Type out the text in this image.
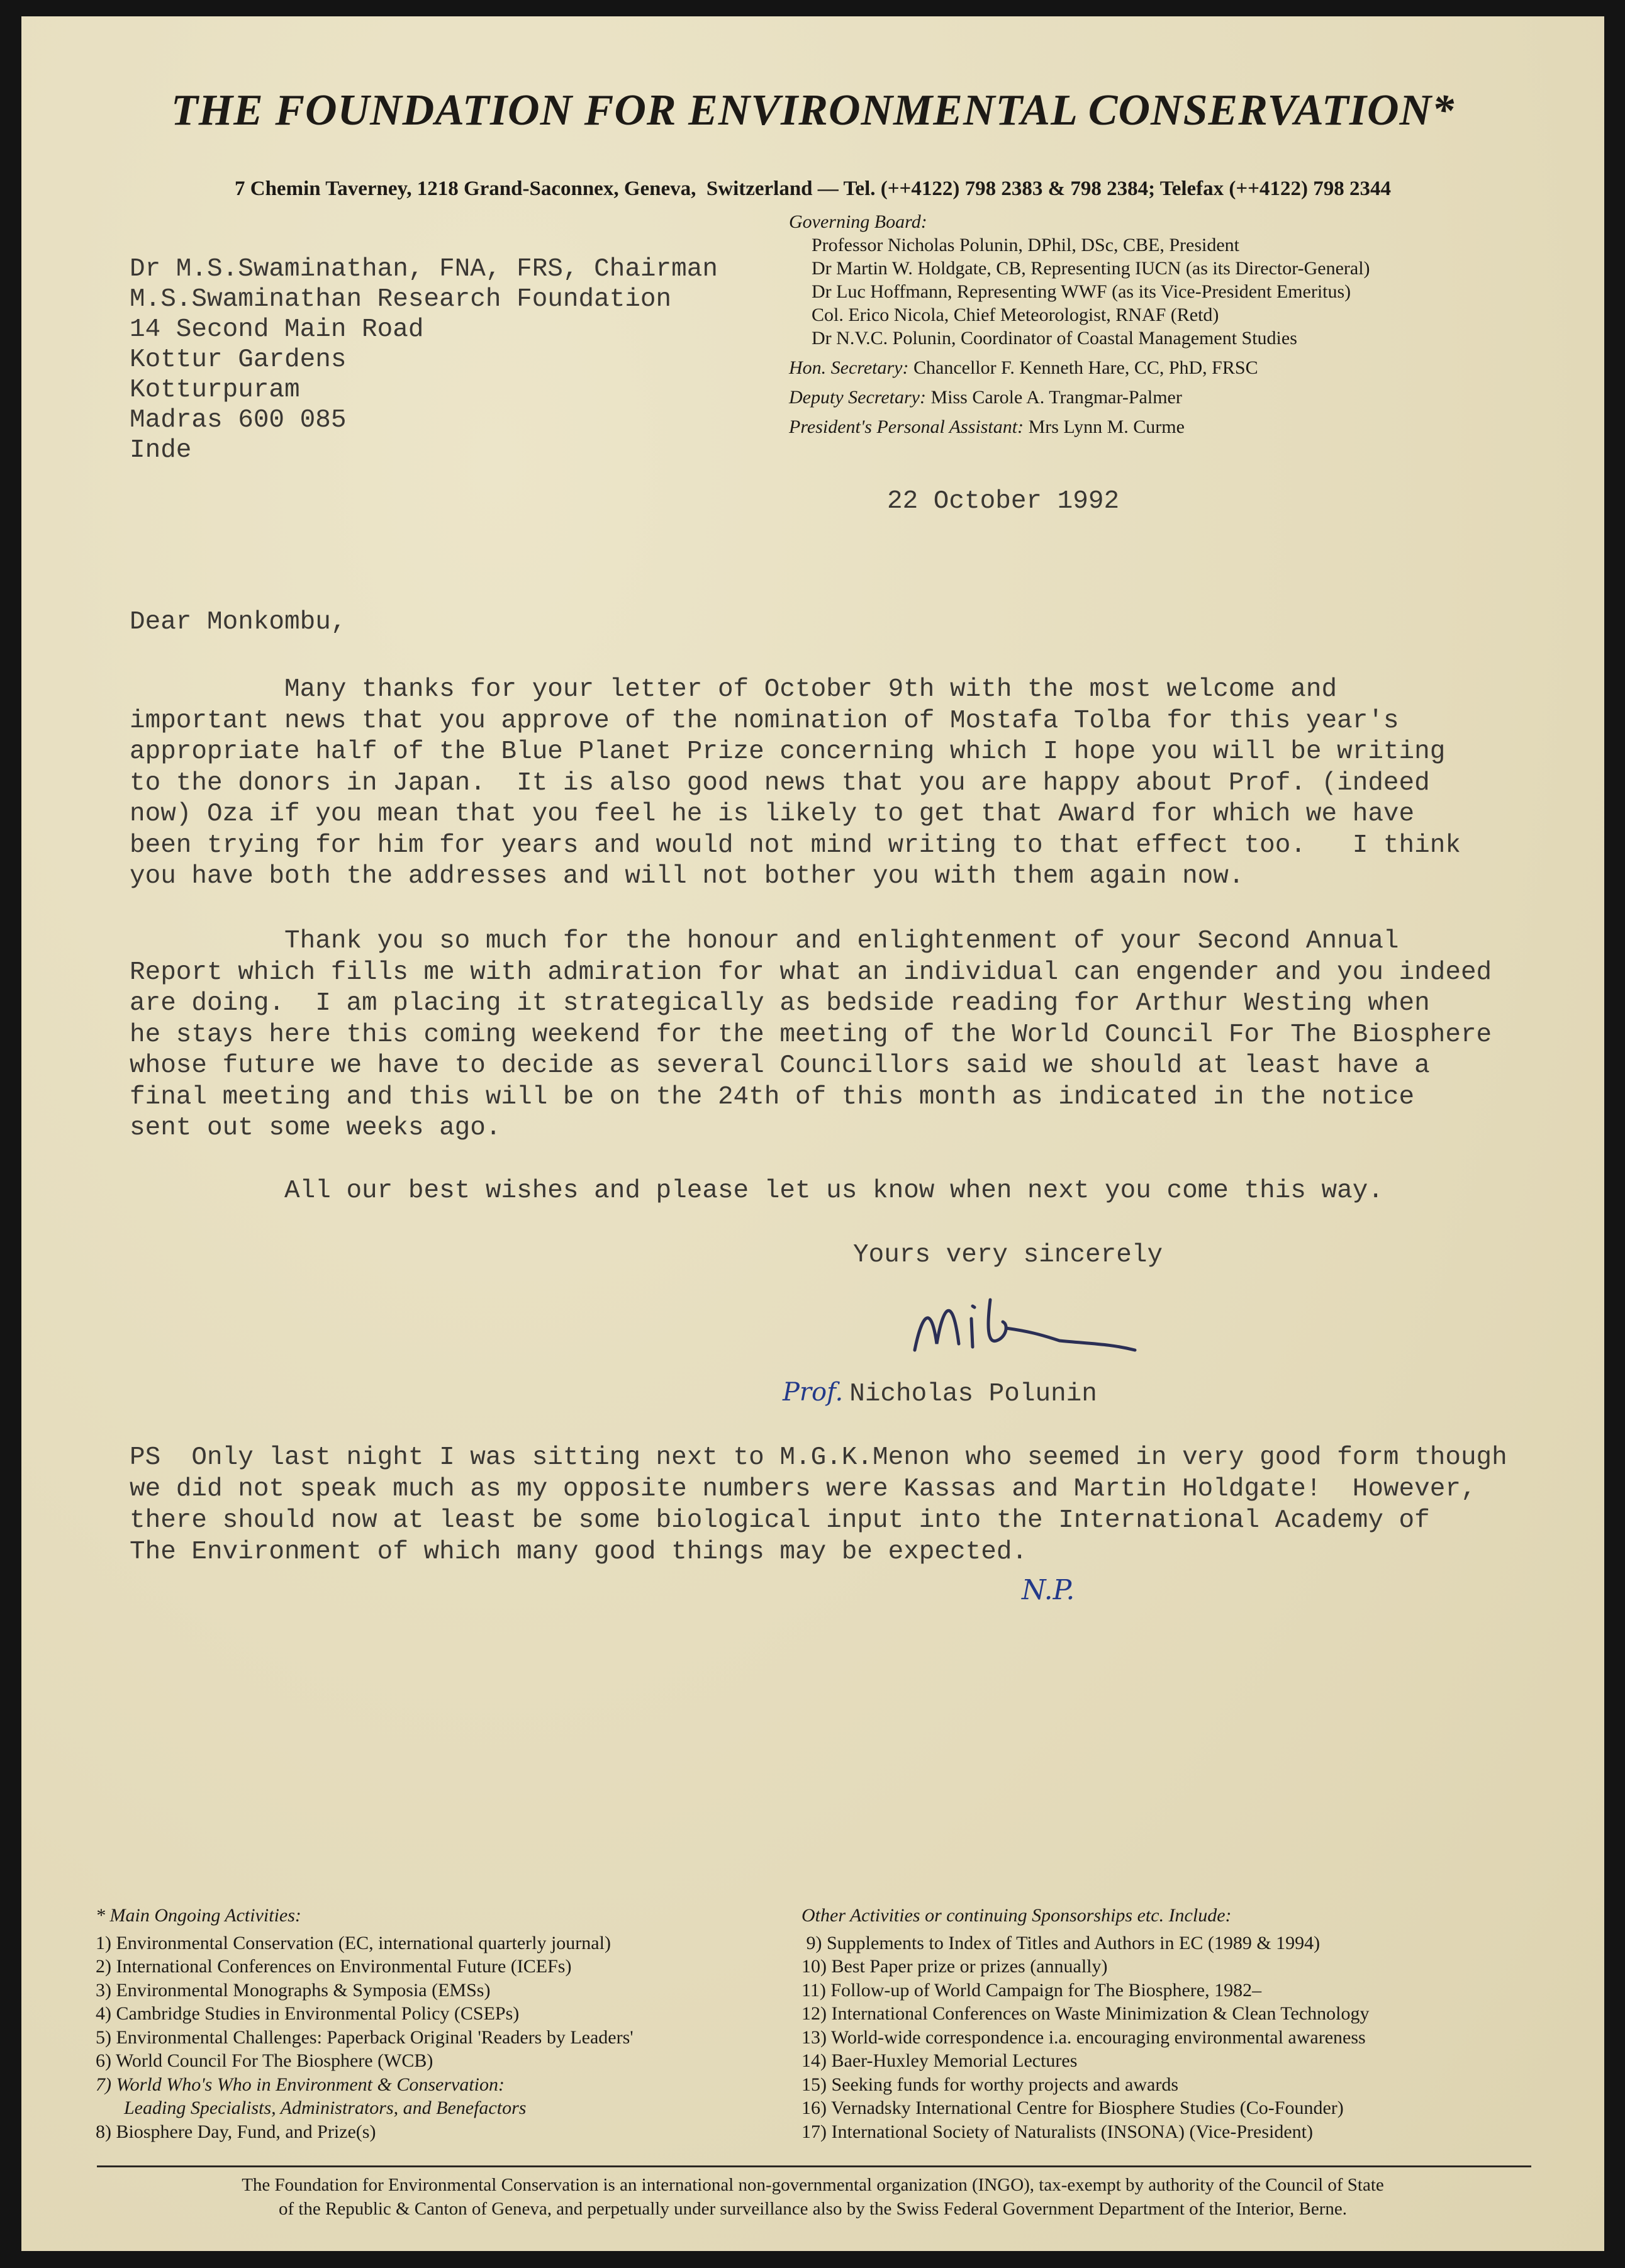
THE FOUNDATION FOR ENVIRONMENTAL CONSERVATION*
7 Chemin Taverney, 1218 Grand-Saconnex, Geneva,  Switzerland — Tel. (++4122) 798 2383 & 798 2384; Telefax (++4122) 798 2344
Governing Board:
Professor Nicholas Polunin, DPhil, DSc, CBE, President
Dr Martin W. Holdgate, CB, Representing IUCN (as its Director-General)
Dr Luc Hoffmann, Representing WWF (as its Vice-President Emeritus)
Col. Erico Nicola, Chief Meteorologist, RNAF (Retd)
Dr N.V.C. Polunin, Coordinator of Coastal Management Studies
Hon. Secretary: Chancellor F. Kenneth Hare, CC, PhD, FRSC
Deputy Secretary: Miss Carole A. Trangmar-Palmer
President's Personal Assistant: Mrs Lynn M. Curme
Dr M.S.Swaminathan, FNA, FRS, Chairman
M.S.Swaminathan Research Foundation
14 Second Main Road
Kottur Gardens
Kotturpuram
Madras 600 085
Inde
22 October 1992
Dear Monkombu,
Many thanks for your letter of October 9th with the most welcome and
important news that you approve of the nomination of Mostafa Tolba for this year's
appropriate half of the Blue Planet Prize concerning which I hope you will be writing
to the donors in Japan.  It is also good news that you are happy about Prof. (indeed
now) Oza if you mean that you feel he is likely to get that Award for which we have
been trying for him for years and would not mind writing to that effect too.   I think
you have both the addresses and will not bother you with them again now.
Thank you so much for the honour and enlightenment of your Second Annual
Report which fills me with admiration for what an individual can engender and you indeed
are doing.  I am placing it strategically as bedside reading for Arthur Westing when
he stays here this coming weekend for the meeting of the World Council For The Biosphere
whose future we have to decide as several Councillors said we should at least have a
final meeting and this will be on the 24th of this month as indicated in the notice
sent out some weeks ago.
All our best wishes and please let us know when next you come this way.
Yours very sincerely
Prof. Nicholas Polunin
PS  Only last night I was sitting next to M.G.K.Menon who seemed in very good form though
we did not speak much as my opposite numbers were Kassas and Martin Holdgate!  However,
there should now at least be some biological input into the International Academy of
The Environment of which many good things may be expected.
N.P.
* Main Ongoing Activities:
1) Environmental Conservation (EC, international quarterly journal)
2) International Conferences on Environmental Future (ICEFs)
3) Environmental Monographs & Symposia (EMSs)
4) Cambridge Studies in Environmental Policy (CSEPs)
5) Environmental Challenges: Paperback Original 'Readers by Leaders'
6) World Council For The Biosphere (WCB)
7) World Who's Who in Environment & Conservation:
Leading Specialists, Administrators, and Benefactors
8) Biosphere Day, Fund, and Prize(s)
Other Activities or continuing Sponsorships etc. Include:
9) Supplements to Index of Titles and Authors in EC (1989 & 1994)
10) Best Paper prize or prizes (annually)
11) Follow-up of World Campaign for The Biosphere, 1982–
12) International Conferences on Waste Minimization & Clean Technology
13) World-wide correspondence i.a. encouraging environmental awareness
14) Baer-Huxley Memorial Lectures
15) Seeking funds for worthy projects and awards
16) Vernadsky International Centre for Biosphere Studies (Co-Founder)
17) International Society of Naturalists (INSONA) (Vice-President)
The Foundation for Environmental Conservation is an international non-governmental organization (INGO), tax-exempt by authority of the Council of State
of the Republic & Canton of Geneva, and perpetually under surveillance also by the Swiss Federal Government Department of the Interior, Berne.
